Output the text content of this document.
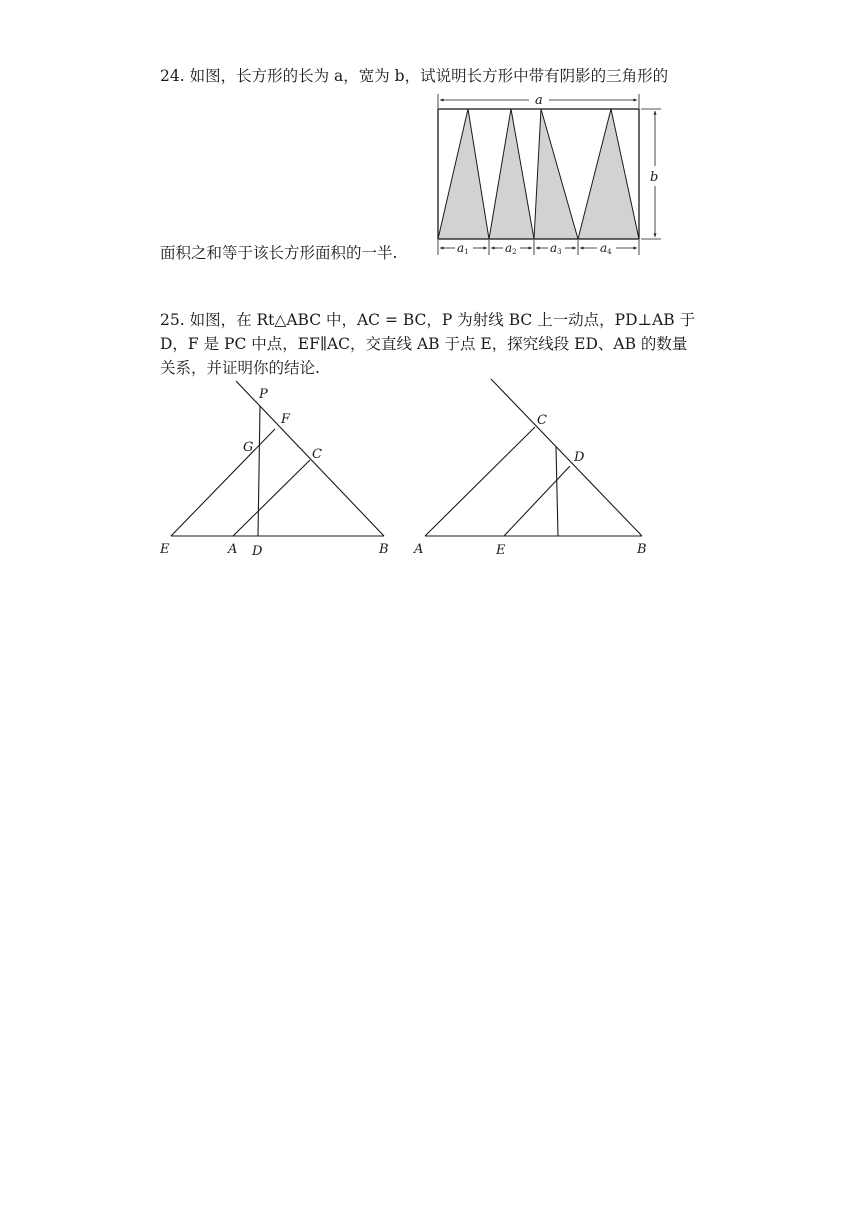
24. 如图，长方形的长为 a，宽为 b，试说明长方形中带有阴影的三角形的
面积之和等于该长方形面积的一半.
a
b
a1	a2	a3	a4
25. 如图，在 Rt△ABC 中，AC = BC，P 为射线 BC 上一动点，PD⊥AB 于
D，F 是 PC 中点，EF∥AC，交直线 AB 于点 E，探究线段 ED、AB 的数量
关系，并证明你的结论.
P
F
G	C
E	A D	B
C
D
A	E	B
